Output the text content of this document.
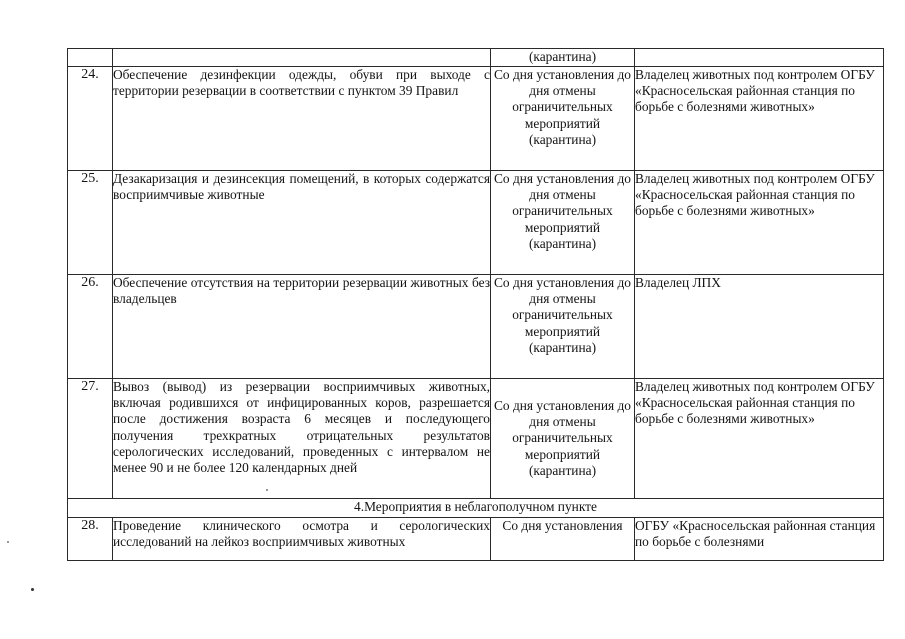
		(карантина)	
24.	Обеспечение дезинфекции одежды, обуви при выходе с территории резервации в соответствии с пунктом 39 Правил	Со дня установления до дня отмены ограничительных мероприятий (карантина)	Владелец животных под контролем ОГБУ «Красносельская районная станция по борьбе с болезнями животных»
25.	Дезакаризация и дезинсекция помещений, в которых содержатся восприимчивые животные	Со дня установления до дня отмены ограничительных мероприятий (карантина)	Владелец животных под контролем ОГБУ «Красносельская районная станция по борьбе с болезнями животных»
26.	Обеспечение отсутствия на территории резервации животных без владельцев	Со дня установления до дня отмены ограничительных мероприятий (карантина)	Владелец ЛПХ
27.	Вывоз (вывод) из резервации восприимчивых животных, включая родившихся от инфицированных коров, разрешается после достижения возраста 6 месяцев и последующего получения трехкратных отрицательных результатов серологических исследований, проведенных с интервалом не менее 90 и не более 120 календарных дней	Со дня установления до дня отмены ограничительных мероприятий (карантина)	Владелец животных под контролем ОГБУ «Красносельская районная станция по борьбе с болезнями животных»
4.Мероприятия в неблагополучном пункте			
28.	Проведение клинического осмотра и серологических исследований на лейкоз восприимчивых животных	Со дня установления	ОГБУ «Красносельская районная станция по борьбе с болезнями
